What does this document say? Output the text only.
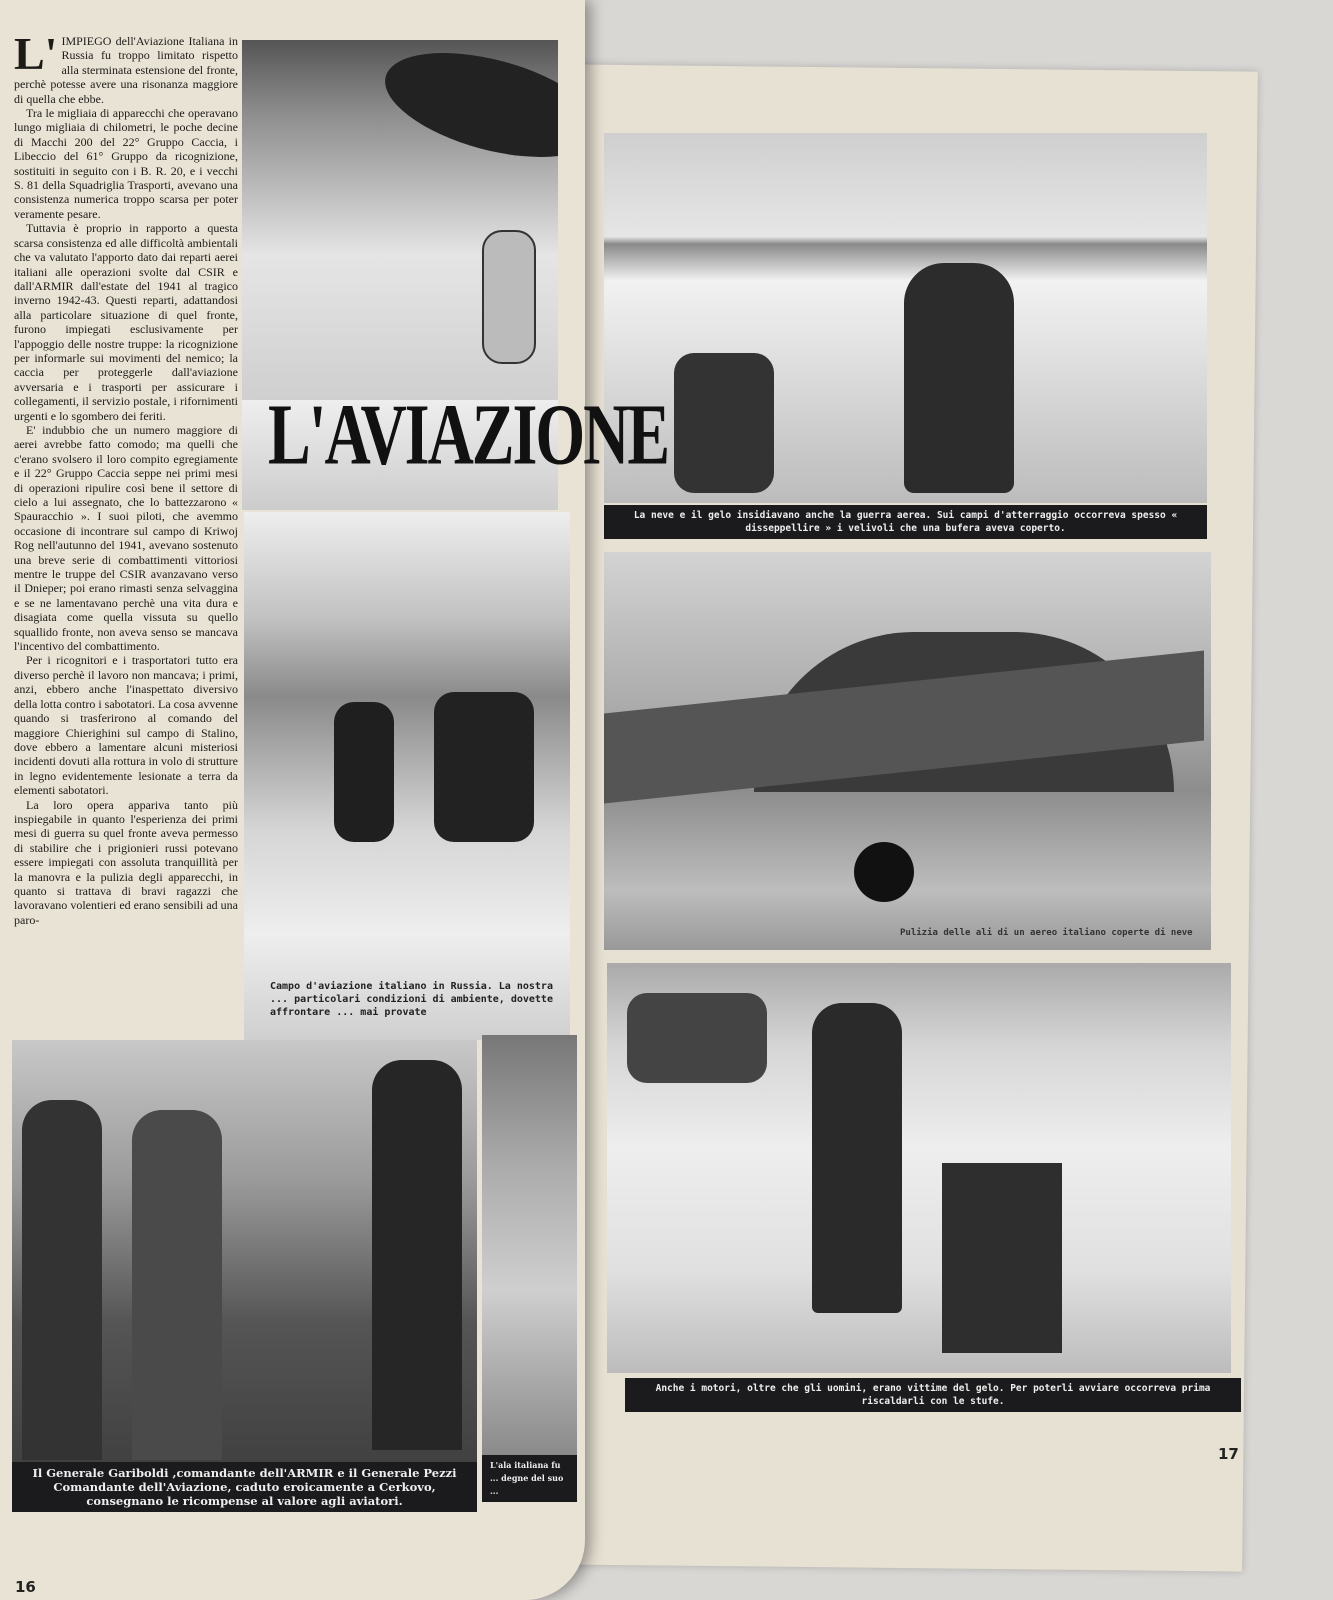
La neve e il gelo insidiavano anche la guerra aerea. Sui campi d'atterraggio occorreva spesso « disseppellire » i velivoli che una bufera aveva coperto.
Pulizia delle ali di un aereo italiano coperte di neve
Anche i motori, oltre che gli uomini, erano vittime del gelo. Per poterli avviare occorreva prima riscaldarli con le stufe.
17
L'AVIAZIONE
Campo d'aviazione italiano in Russia. La nostra ... particolari condizioni di ambiente, dovette affrontare ... mai provate
Il Generale Gariboldi ,comandante dell'ARMIR e il Generale Pezzi Comandante dell'Aviazione, caduto eroicamente a Cerkovo, consegnano le ricompense al valore agli aviatori.
L'ala italiana fu ... degne del suo ...
16

L' IMPIEGO dell'Aviazione Italiana in Russia fu troppo limitato rispetto alla sterminata estensione del fronte, perchè potesse avere una risonanza maggiore di quella che ebbe.

Tra le migliaia di apparecchi che operavano lungo migliaia di chilometri, le poche decine di Macchi 200 del 22° Gruppo Caccia, i Libeccio del 61° Gruppo da ricognizione, sostituiti in seguito con i B. R. 20, e i vecchi S. 81 della Squadriglia Trasporti, avevano una consistenza numerica troppo scarsa per poter veramente pesare.

Tuttavia è proprio in rapporto a questa scarsa consistenza ed alle difficoltà ambientali che va valutato l'apporto dato dai reparti aerei italiani alle operazioni svolte dal CSIR e dall'ARMIR dall'estate del 1941 al tragico inverno 1942-43. Questi reparti, adattandosi alla particolare situazione di quel fronte, furono impiegati esclusivamente per l'appoggio delle nostre truppe: la ricognizione per informarle sui movimenti del nemico; la caccia per proteggerle dall'aviazione avversaria e i trasporti per assicurare i collegamenti, il servizio postale, i rifornimenti urgenti e lo sgombero dei feriti.

E' indubbio che un numero maggiore di aerei avrebbe fatto comodo; ma quelli che c'erano svolsero il loro compito egregiamente e il 22° Gruppo Caccia seppe nei primi mesi di operazioni ripulire così bene il settore di cielo a lui assegnato, che lo battezzarono « Spauracchio ». I suoi piloti, che avemmo occasione di incontrare sul campo di Kriwoj Rog nell'autunno del 1941, avevano sostenuto una breve serie di combattimenti vittoriosi mentre le truppe del CSIR avanzavano verso il Dnieper; poi erano rimasti senza selvaggina e se ne lamentavano perchè una vita dura e disagiata come quella vissuta su quello squallido fronte, non aveva senso se mancava l'incentivo del combattimento.

Per i ricognitori e i trasportatori tutto era diverso perchè il lavoro non mancava; i primi, anzi, ebbero anche l'inaspettato diversivo della lotta contro i sabotatori. La cosa avvenne quando si trasferirono al comando del maggiore Chierighini sul campo di Stalino, dove ebbero a lamentare alcuni misteriosi incidenti dovuti alla rottura in volo di strutture in legno evidentemente lesionate a terra da elementi sabotatori.

La loro opera appariva tanto più inspiegabile in quanto l'esperienza dei primi mesi di guerra su quel fronte aveva permesso di stabilire che i prigionieri russi potevano essere impiegati con assoluta tranquillità per la manovra e la pulizia degli apparecchi, in quanto si trattava di bravi ragazzi che lavoravano volentieri ed erano sensibili ad una paro-
